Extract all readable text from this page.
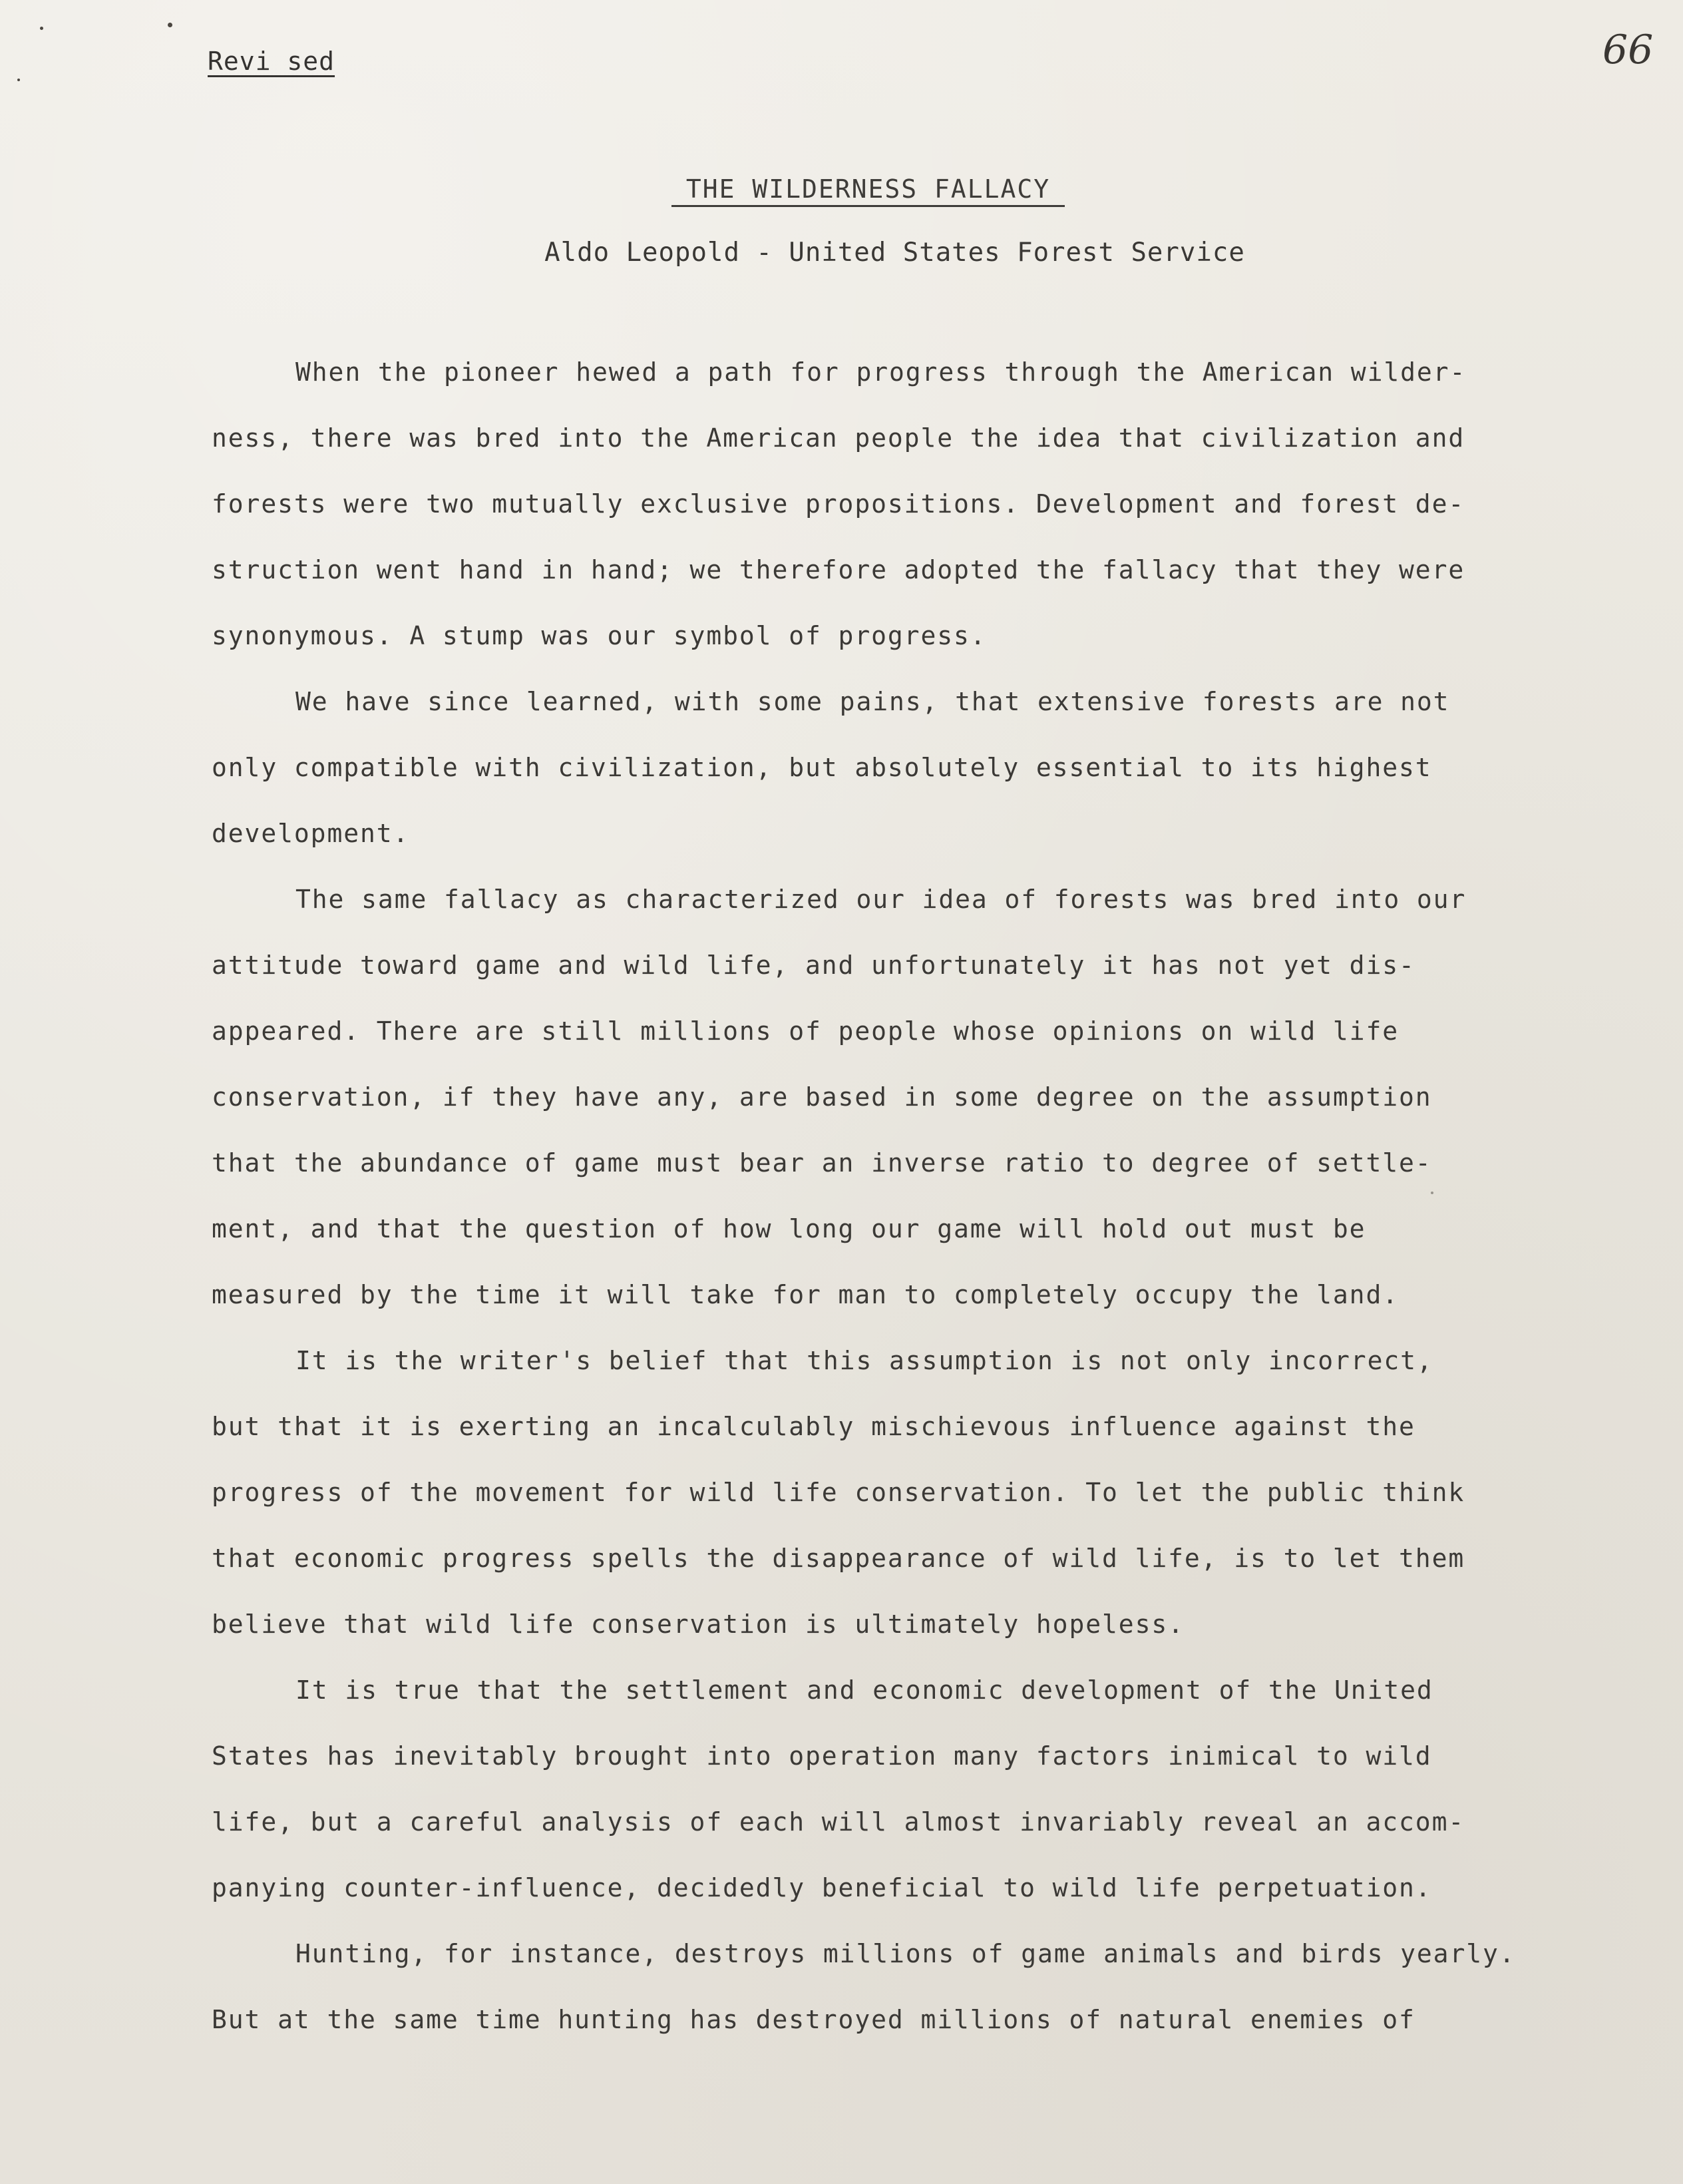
Revi sed	66
THE WILDERNESS FALLACY
Aldo Leopold - United States Forest Service
When the pioneer hewed a path for progress through the American wilder-
ness, there was bred into the American people the idea that civilization and
forests were two mutually exclusive propositions. Development and forest de-
struction went hand in hand; we therefore adopted the fallacy that they were
synonymous. A stump was our symbol of progress.
We have since learned, with some pains, that extensive forests are not
only compatible with civilization, but absolutely essential to its highest
development.
The same fallacy as characterized our idea of forests was bred into our
attitude toward game and wild life, and unfortunately it has not yet dis-
appeared. There are still millions of people whose opinions on wild life
conservation, if they have any, are based in some degree on the assumption
that the abundance of game must bear an inverse ratio to degree of settle-
ment, and that the question of how long our game will hold out must be
measured by the time it will take for man to completely occupy the land.
It is the writer's belief that this assumption is not only incorrect,
but that it is exerting an incalculably mischievous influence against the
progress of the movement for wild life conservation. To let the public think
that economic progress spells the disappearance of wild life, is to let them
believe that wild life conservation is ultimately hopeless.
It is true that the settlement and economic development of the United
States has inevitably brought into operation many factors inimical to wild
life, but a careful analysis of each will almost invariably reveal an accom-
panying counter-influence, decidedly beneficial to wild life perpetuation.
Hunting, for instance, destroys millions of game animals and birds yearly.
But at the same time hunting has destroyed millions of natural enemies of
